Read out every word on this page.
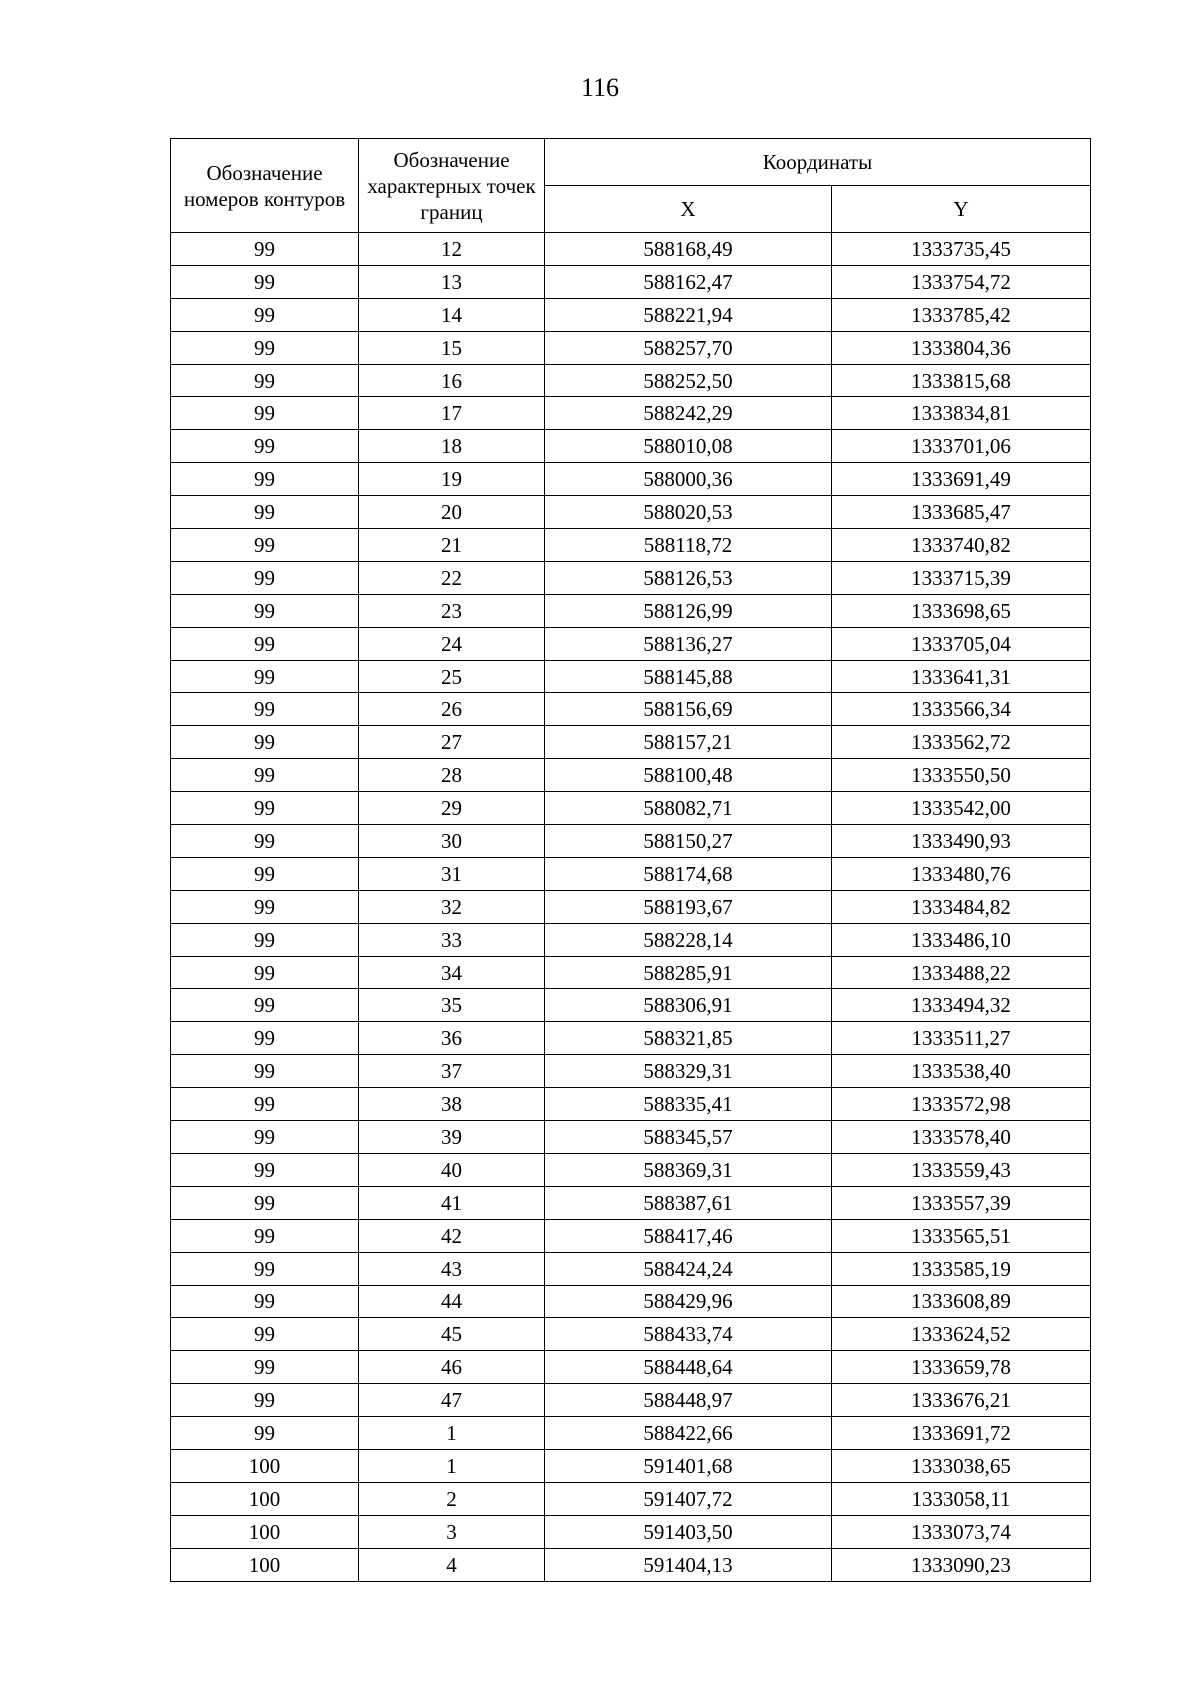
116
Обозначение номеров контуров	Обозначение характерных точек границ	Координаты	
		X	Y
99	12	588168,49	1333735,45
99	13	588162,47	1333754,72
99	14	588221,94	1333785,42
99	15	588257,70	1333804,36
99	16	588252,50	1333815,68
99	17	588242,29	1333834,81
99	18	588010,08	1333701,06
99	19	588000,36	1333691,49
99	20	588020,53	1333685,47
99	21	588118,72	1333740,82
99	22	588126,53	1333715,39
99	23	588126,99	1333698,65
99	24	588136,27	1333705,04
99	25	588145,88	1333641,31
99	26	588156,69	1333566,34
99	27	588157,21	1333562,72
99	28	588100,48	1333550,50
99	29	588082,71	1333542,00
99	30	588150,27	1333490,93
99	31	588174,68	1333480,76
99	32	588193,67	1333484,82
99	33	588228,14	1333486,10
99	34	588285,91	1333488,22
99	35	588306,91	1333494,32
99	36	588321,85	1333511,27
99	37	588329,31	1333538,40
99	38	588335,41	1333572,98
99	39	588345,57	1333578,40
99	40	588369,31	1333559,43
99	41	588387,61	1333557,39
99	42	588417,46	1333565,51
99	43	588424,24	1333585,19
99	44	588429,96	1333608,89
99	45	588433,74	1333624,52
99	46	588448,64	1333659,78
99	47	588448,97	1333676,21
99	1	588422,66	1333691,72
100	1	591401,68	1333038,65
100	2	591407,72	1333058,11
100	3	591403,50	1333073,74
100	4	591404,13	1333090,23
